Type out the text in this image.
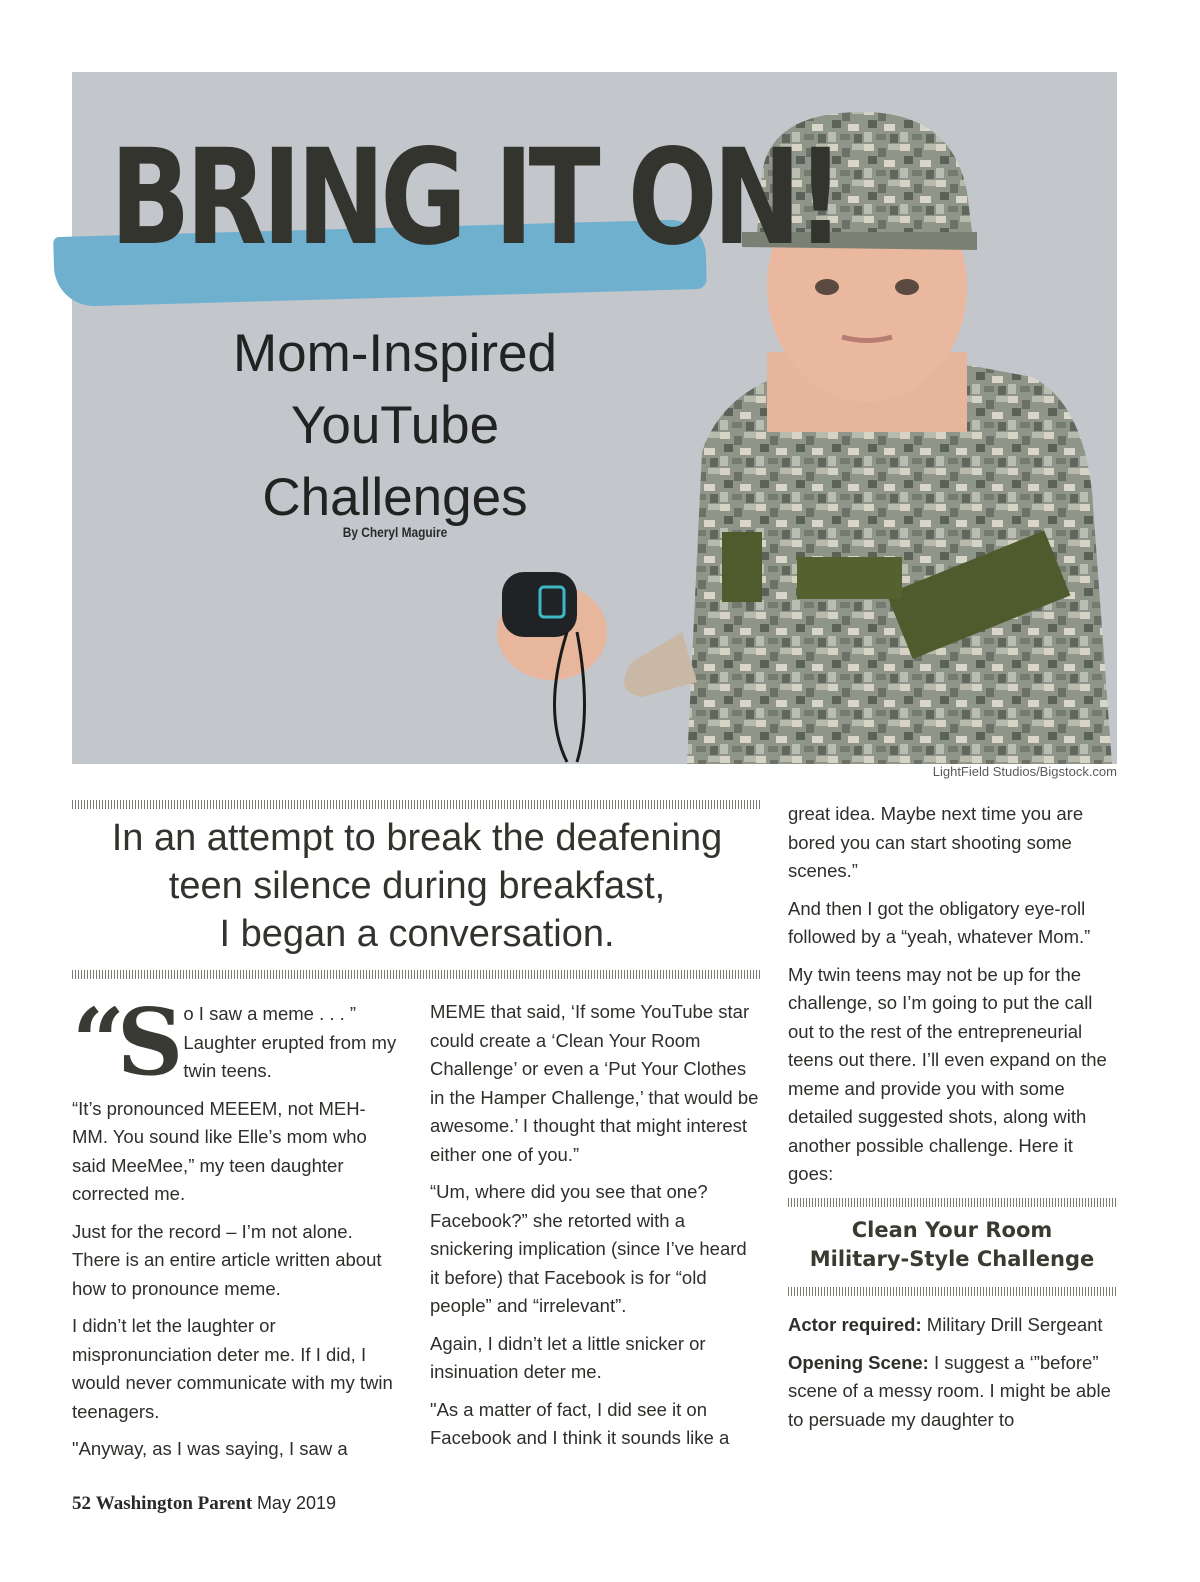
BRING IT ON!
Mom-Inspired
YouTube
Challenges
By Cheryl Maguire
LightField Studios/Bigstock.com
In an attempt to break the deafening
teen silence during breakfast,
I began a conversation.

“So I saw a meme . . . ” Laughter erupted from my twin teens.

“It’s pronounced MEEEM, not MEH-MM. You sound like Elle’s mom who said MeeMee,” my teen daughter corrected me.

Just for the record – I’m not alone. There is an entire article written about how to pronounce meme.

I didn’t let the laughter or mispronunciation deter me. If I did, I would never communicate with my twin teenagers.

"Anyway, as I was saying, I saw a

MEME that said, ‘If some YouTube star could create a ‘Clean Your Room Challenge’ or even a ‘Put Your Clothes in the Hamper Challenge,’ that would be awesome.’ I thought that might interest either one of you.”

“Um, where did you see that one? Facebook?” she retorted with a snickering implication (since I’ve heard it before) that Facebook is for “old people” and “irrelevant”.

Again, I didn’t let a little snicker or insinuation deter me.

"As a matter of fact, I did see it on Facebook and I think it sounds like a

great idea. Maybe next time you are bored you can start shooting some scenes.”

And then I got the obligatory eye-roll followed by a “yeah, whatever Mom.”

My twin teens may not be up for the challenge, so I’m going to put the call out to the rest of the entrepreneurial teens out there. I’ll even expand on the meme and provide you with some detailed suggested shots, along with another possible challenge. Here it goes:

Clean Your Room
Military-Style Challenge

Actor required: Military Drill Sergeant

Opening Scene: I suggest a ‘”before” scene of a messy room. I might be able to persuade my daughter to

52 Washington Parent May 2019
